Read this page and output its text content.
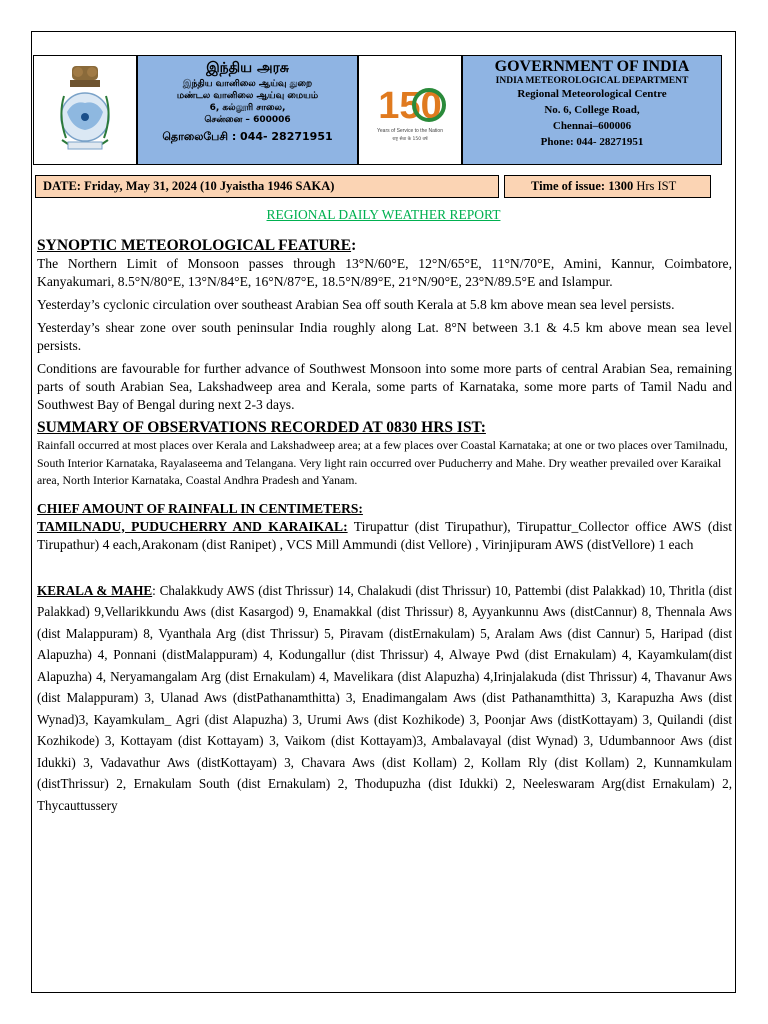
இந்திய அரசு
இந்திய வானிலை ஆய்வு துறை
மண்டல வானிலை ஆய்வு மையம்
6, கல்லூரி சாலை,
சென்னை – 600006
தொலைபேசி : 044- 28271951
150
Years of Service to the Nation
राष्ट्र सेवा के 150 वर्ष
GOVERNMENT OF INDIA
INDIA METEOROLOGICAL DEPARTMENT
Regional Meteorological Centre
No. 6, College Road,
Chennai–600006
Phone: 044- 28271951
DATE: Friday, May 31, 2024 (10 Jyaistha 1946 SAKA)	Time of issue: 1300 Hrs IST
REGIONAL DAILY WEATHER REPORT
SYNOPTIC METEOROLOGICAL FEATURE:

The Northern Limit of Monsoon passes through 13°N/60°E, 12°N/65°E, 11°N/70°E, Amini, Kannur, Coimbatore, Kanyakumari, 8.5°N/80°E, 13°N/84°E, 16°N/87°E, 18.5°N/89°E, 21°N/90°E, 23°N/89.5°E and Islampur.

Yesterday’s cyclonic circulation over southeast Arabian Sea off south Kerala at 5.8 km above mean sea level persists.

Yesterday’s shear zone over south peninsular India roughly along Lat. 8°N between 3.1 & 4.5 km above mean sea level persists.

Conditions are favourable for further advance of Southwest Monsoon into some more parts of central Arabian Sea, remaining parts of south Arabian Sea, Lakshadweep area and Kerala, some parts of Karnataka, some more parts of Tamil Nadu and Southwest Bay of Bengal during next 2-3 days.

SUMMARY OF OBSERVATIONS RECORDED AT 0830 HRS IST:

Rainfall occurred at most places over Kerala and Lakshadweep area; at a few places over Coastal Karnataka; at one or two places over Tamilnadu, South Interior Karnataka, Rayalaseema and Telangana. Very light rain occurred over Puducherry and Mahe. Dry weather prevailed over Karaikal area, North Interior Karnataka, Coastal Andhra Pradesh and Yanam.

CHIEF AMOUNT OF RAINFALL IN CENTIMETERS:

TAMILNADU, PUDUCHERRY AND KARAIKAL: Tirupattur (dist Tirupathur), Tirupattur_Collector office AWS (dist Tirupathur) 4 each,Arakonam (dist Ranipet) , VCS Mill Ammundi (dist Vellore) , Virinjipuram AWS (distVellore) 1 each

KERALA & MAHE: Chalakkudy AWS (dist Thrissur) 14, Chalakudi (dist Thrissur) 10, Pattembi (dist Palakkad) 10, Thritla (dist Palakkad) 9,Vellarikkundu Aws (dist Kasargod) 9, Enamakkal (dist Thrissur) 8, Ayyankunnu Aws (distCannur) 8, Thennala Aws (dist Malappuram) 8, Vyanthala Arg (dist Thrissur) 5, Piravam (distErnakulam) 5, Aralam Aws (dist Cannur) 5, Haripad (dist Alapuzha) 4, Ponnani (distMalappuram) 4, Kodungallur (dist Thrissur) 4, Alwaye Pwd (dist Ernakulam) 4, Kayamkulam(dist Alapuzha) 4, Neryamangalam Arg (dist Ernakulam) 4, Mavelikara (dist Alapuzha) 4,Irinjalakuda (dist Thrissur) 4, Thavanur Aws (dist Malappuram) 3, Ulanad Aws (distPathanamthitta) 3, Enadimangalam Aws (dist Pathanamthitta) 3, Karapuzha Aws (dist Wynad)3, Kayamkulam_ Agri (dist Alapuzha) 3, Urumi Aws (dist Kozhikode) 3, Poonjar Aws (distKottayam) 3, Quilandi (dist Kozhikode) 3, Kottayam (dist Kottayam) 3, Vaikom (dist Kottayam)3, Ambalavayal (dist Wynad) 3, Udumbannoor Aws (dist Idukki) 3, Vadavathur Aws (distKottayam) 3, Chavara Aws (dist Kollam) 2, Kollam Rly (dist Kollam) 2, Kunnamkulam (distThrissur) 2, Ernakulam South (dist Ernakulam) 2, Thodupuzha (dist Idukki) 2, Neeleswaram Arg(dist Ernakulam) 2, Thycauttussery
